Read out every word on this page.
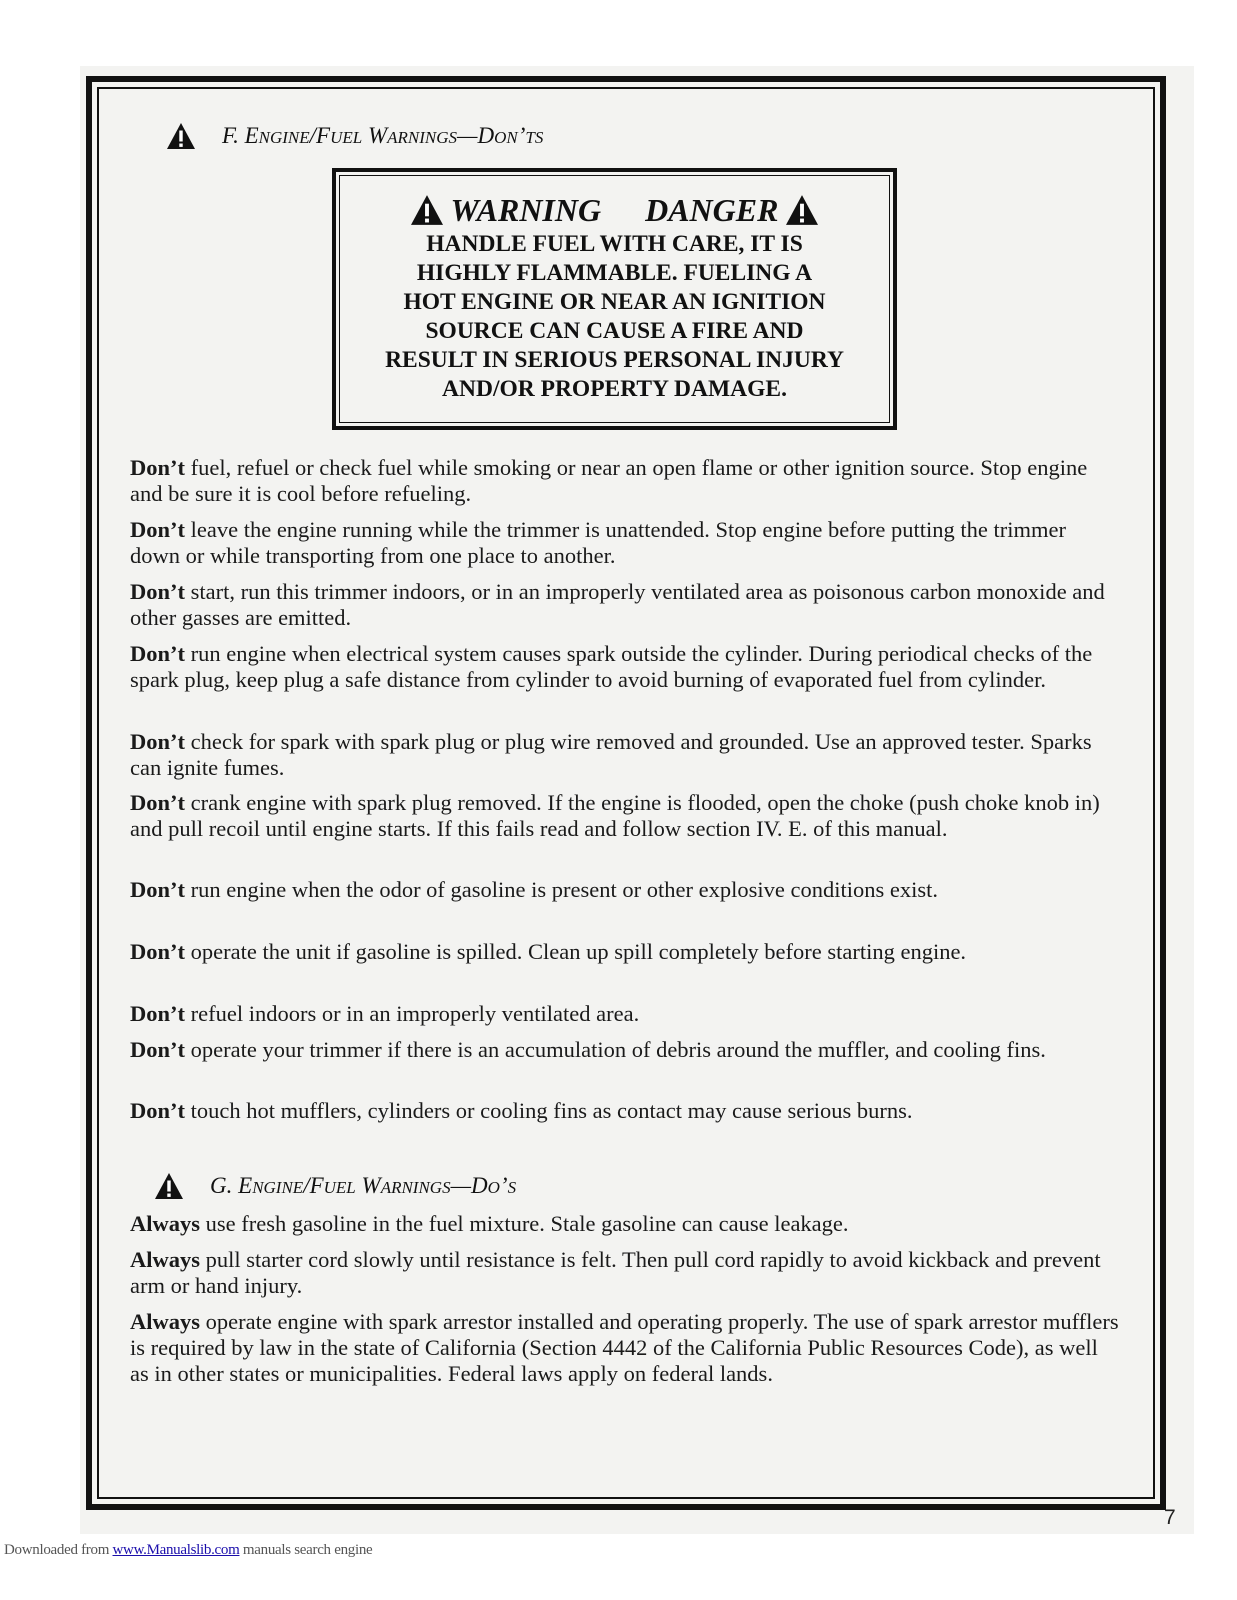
F. ENGINE/FUEL WARNINGS—DON’TS
WARNING DANGER
HANDLE FUEL WITH CARE, IT IS
HIGHLY FLAMMABLE. FUELING A
HOT ENGINE OR NEAR AN IGNITION
SOURCE CAN CAUSE A FIRE AND
RESULT IN SERIOUS PERSONAL INJURY
AND/OR PROPERTY DAMAGE.

Don’t fuel, refuel or check fuel while smoking or near an open flame or other ignition source. Stop engine and be sure it is cool before refueling.

Don’t leave the engine running while the trimmer is unattended. Stop engine before putting the trimmer down or while transporting from one place to another.

Don’t start, run this trimmer indoors, or in an improperly ventilated area as poisonous carbon monoxide and other gasses are emitted.

Don’t run engine when electrical system causes spark outside the cylinder. During periodical checks of the spark plug, keep plug a safe distance from cylinder to avoid burning of evaporated fuel from cylinder.

Don’t check for spark with spark plug or plug wire removed and grounded. Use an approved tester. Sparks can ignite fumes.

Don’t crank engine with spark plug removed. If the engine is flooded, open the choke (push choke knob in) and pull recoil until engine starts. If this fails read and follow section IV. E. of this manual.

Don’t run engine when the odor of gasoline is present or other explosive conditions exist.

Don’t operate the unit if gasoline is spilled. Clean up spill completely before starting engine.

Don’t refuel indoors or in an improperly ventilated area.

Don’t operate your trimmer if there is an accumulation of debris around the muffler, and cooling fins.

Don’t touch hot mufflers, cylinders or cooling fins as contact may cause serious burns.

G. ENGINE/FUEL WARNINGS—DO’S

Always use fresh gasoline in the fuel mixture. Stale gasoline can cause leakage.

Always pull starter cord slowly until resistance is felt. Then pull cord rapidly to avoid kickback and prevent arm or hand injury.

Always operate engine with spark arrestor installed and operating properly. The use of spark arrestor mufflers is required by law in the state of California (Section 4442 of the California Public Resources Code), as well as in other states or municipalities. Federal laws apply on federal lands.

7
Downloaded from www.Manualslib.com manuals search engine
